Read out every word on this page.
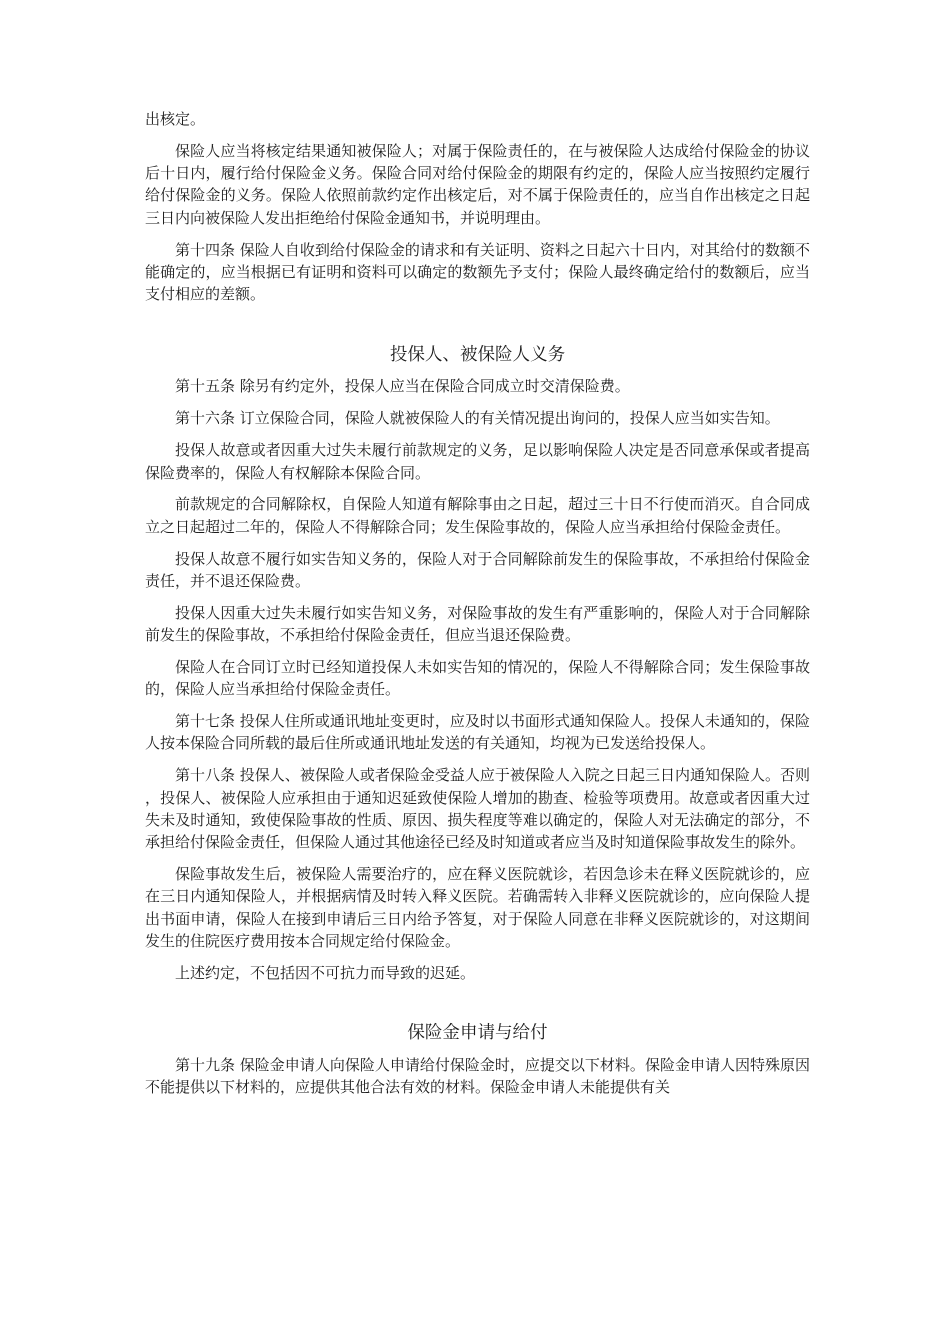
出核定。

保险人应当将核定结果通知被保险人；对属于保险责任的，在与被保险人达成给付保险金的协议后十日内，履行给付保险金义务。保险合同对给付保险金的期限有约定的，保险人应当按照约定履行给付保险金的义务。保险人依照前款约定作出核定后，对不属于保险责任的，应当自作出核定之日起三日内向被保险人发出拒绝给付保险金通知书，并说明理由。

第十四条 保险人自收到给付保险金的请求和有关证明、资料之日起六十日内，对其给付的数额不能确定的，应当根据已有证明和资料可以确定的数额先予支付；保险人最终确定给付的数额后，应当支付相应的差额。

投保人、被保险人义务

第十五条 除另有约定外，投保人应当在保险合同成立时交清保险费。

第十六条 订立保险合同，保险人就被保险人的有关情况提出询问的，投保人应当如实告知。

投保人故意或者因重大过失未履行前款规定的义务，足以影响保险人决定是否同意承保或者提高保险费率的，保险人有权解除本保险合同。

前款规定的合同解除权，自保险人知道有解除事由之日起，超过三十日不行使而消灭。自合同成立之日起超过二年的，保险人不得解除合同；发生保险事故的，保险人应当承担给付保险金责任。

投保人故意不履行如实告知义务的，保险人对于合同解除前发生的保险事故，不承担给付保险金责任，并不退还保险费。

投保人因重大过失未履行如实告知义务，对保险事故的发生有严重影响的，保险人对于合同解除前发生的保险事故，不承担给付保险金责任，但应当退还保险费。

保险人在合同订立时已经知道投保人未如实告知的情况的，保险人不得解除合同；发生保险事故的，保险人应当承担给付保险金责任。

第十七条 投保人住所或通讯地址变更时，应及时以书面形式通知保险人。投保人未通知的，保险人按本保险合同所载的最后住所或通讯地址发送的有关通知，均视为已发送给投保人。

第十八条 投保人、被保险人或者保险金受益人应于被保险人入院之日起三日内通知保险人。否则，投保人、被保险人应承担由于通知迟延致使保险人增加的勘查、检验等项费用。故意或者因重大过失未及时通知，致使保险事故的性质、原因、损失程度等难以确定的，保险人对无法确定的部分，不承担给付保险金责任，但保险人通过其他途径已经及时知道或者应当及时知道保险事故发生的除外。

保险事故发生后，被保险人需要治疗的，应在释义医院就诊，若因急诊未在释义医院就诊的，应在三日内通知保险人，并根据病情及时转入释义医院。若确需转入非释义医院就诊的，应向保险人提出书面申请，保险人在接到申请后三日内给予答复，对于保险人同意在非释义医院就诊的，对这期间发生的住院医疗费用按本合同规定给付保险金。

上述约定，不包括因不可抗力而导致的迟延。

保险金申请与给付

第十九条 保险金申请人向保险人申请给付保险金时，应提交以下材料。保险金申请人因特殊原因不能提供以下材料的，应提供其他合法有效的材料。保险金申请人未能提供有关
